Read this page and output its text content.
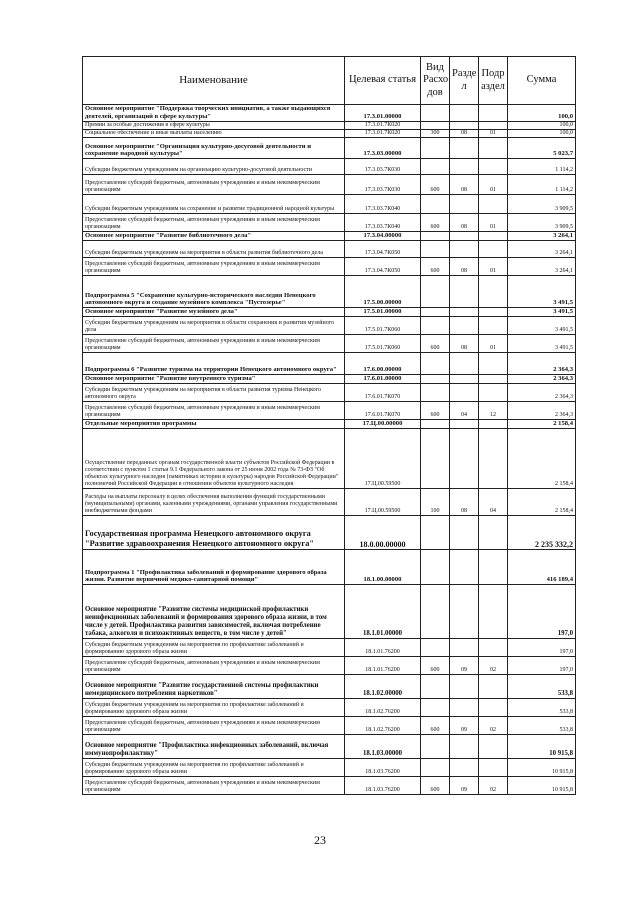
Наименование	Целевая статья	Вид Расхо дов	Разде л	Подр аздел	Сумма
Основное мероприятие "Поддержка творческих инициатив, а также выдающихся деятелей, организаций в сфере культуры"	17.3.01.00000				100,0
Премии за особые достижения в сфере культуры	17.3.01.7К020				100,0
Социальное обеспечение и иные выплаты населению	17.3.01.7К020	300	08	01	100,0
Основное мероприятие "Организация культурно-досуговой деятельности и сохранение народной культуры"	17.3.03.00000				5 023,7
Субсидии бюджетным учреждениям на организацию культурно-досуговой деятельности	17.3.03.7К030				1 114,2
Предоставление субсидий бюджетным, автономным учреждениям и иным некоммерческим организациям	17.3.03.7К030	600	08	01	1 114,2
Субсидии бюджетным учреждениям на сохранение и развитие традиционной народной культуры	17.3.03.7К040				3 909,5
Предоставление субсидий бюджетным, автономным учреждениям и иным некоммерческим организациям	17.3.03.7К040	600	08	01	3 909,5
Основное мероприятие "Развитие библиотечного дела"	17.3.04.00000				3 264,1
Субсидии бюджетным учреждениям на мероприятия в области развития библиотечного дела	17.3.04.7К050				3 264,1
Предоставление субсидий бюджетным, автономным учреждениям и иным некоммерческим организациям	17.3.04.7К050	600	08	01	3 264,1
Подпрограмма 5 "Сохранение культурно-исторического наследия Ненецкого автономного округа и создание музейного комплекса "Пустозерье"	17.5.00.00000				3 491,5
Основное мероприятие "Развитие музейного дела"	17.5.01.00000				3 491,5
Субсидии бюджетным учреждениям на мероприятия в области сохранения и развития музейного дела	17.5.01.7К060				3 491,5
Предоставление субсидий бюджетным, автономным учреждениям и иным некоммерческим организациям	17.5.01.7К060	600	08	01	3 491,5
Подпрограмма 6 "Развитие туризма на территории Ненецкого автономного округа"	17.6.00.00000				2 364,3
Основное мероприятие "Развитие внутреннего туризма"	17.6.01.00000				2 364,3
Субсидии бюджетным учреждениям на мероприятия в области развития туризма Ненецкого автономного округа	17.6.01.7К070				2 364,3
Предоставление субсидий бюджетным, автономным учреждениям и иным некоммерческим организациям	17.6.01.7К070	600	04	12	2 364,3
Отдельные мероприятия программы	17.Ц.00.00000				2 158,4
Осуществление переданных органам государственной власти субъектов Российской Федерации в соответствии с пунктом 1 статьи 9.1 Федерального закона от 25 июня 2002 года № 73-ФЗ "Об объектах культурного наследия (памятниках истории и культуры) народов Российской Федерации" полномочий Российской Федерации в отношении объектов культурного наследия	17.Ц.00.59500				2 158,4
Расходы на выплаты персоналу в целях обеспечения выполнения функций государственными (муниципальными) органами, казенными учреждениями, органами управления государственными внебюджетными фондами	17.Ц.00.59500	100	08	04	2 158,4
Государственная программа Ненецкого автономного округа "Развитие здравоохранения Ненецкого автономного округа"	18.0.00.00000				2 235 332,2
Подпрограмма 1 "Профилактика заболеваний и формирование здорового образа жизни. Развитие первичной медико-санитарной помощи"	18.1.00.00000				416 189,4
Основное мероприятие "Развитие системы медицинской профилактики неинфекционных заболеваний и формирования здорового образа жизни, в том числе у детей. Профилактика развития зависимостей, включая потребление табака, алкоголя и психоактивных веществ, в том числе у детей"	18.1.01.00000				197,0
Субсидии бюджетным учреждениям на мероприятия по профилактике заболеваний и формированию здорового образа жизни	18.1.01.76200				197,0
Предоставление субсидий бюджетным, автономным учреждениям и иным некоммерческим организациям	18.1.01.76200	600	09	02	197,0
Основное мероприятие "Развитие государственной системы профилактики немедицинского потребления наркотиков"	18.1.02.00000				533,8
Субсидии бюджетным учреждениям на мероприятия по профилактике заболеваний и формированию здорового образа жизни	18.1.02.76200				533,8
Предоставление субсидий бюджетным, автономным учреждениям и иным некоммерческим организациям	18.1.02.76200	600	09	02	533,8
Основное мероприятие "Профилактика инфекционных заболеваний, включая иммунопрофилактику"	18.1.03.00000				10 915,8
Субсидии бюджетным учреждениям на мероприятия по профилактике заболеваний и формированию здорового образа жизни	18.1.03.76200				10 915,8
Предоставление субсидий бюджетным, автономным учреждениям и иным некоммерческим организациям	18.1.03.76200	600	09	02	10 915,8
23
